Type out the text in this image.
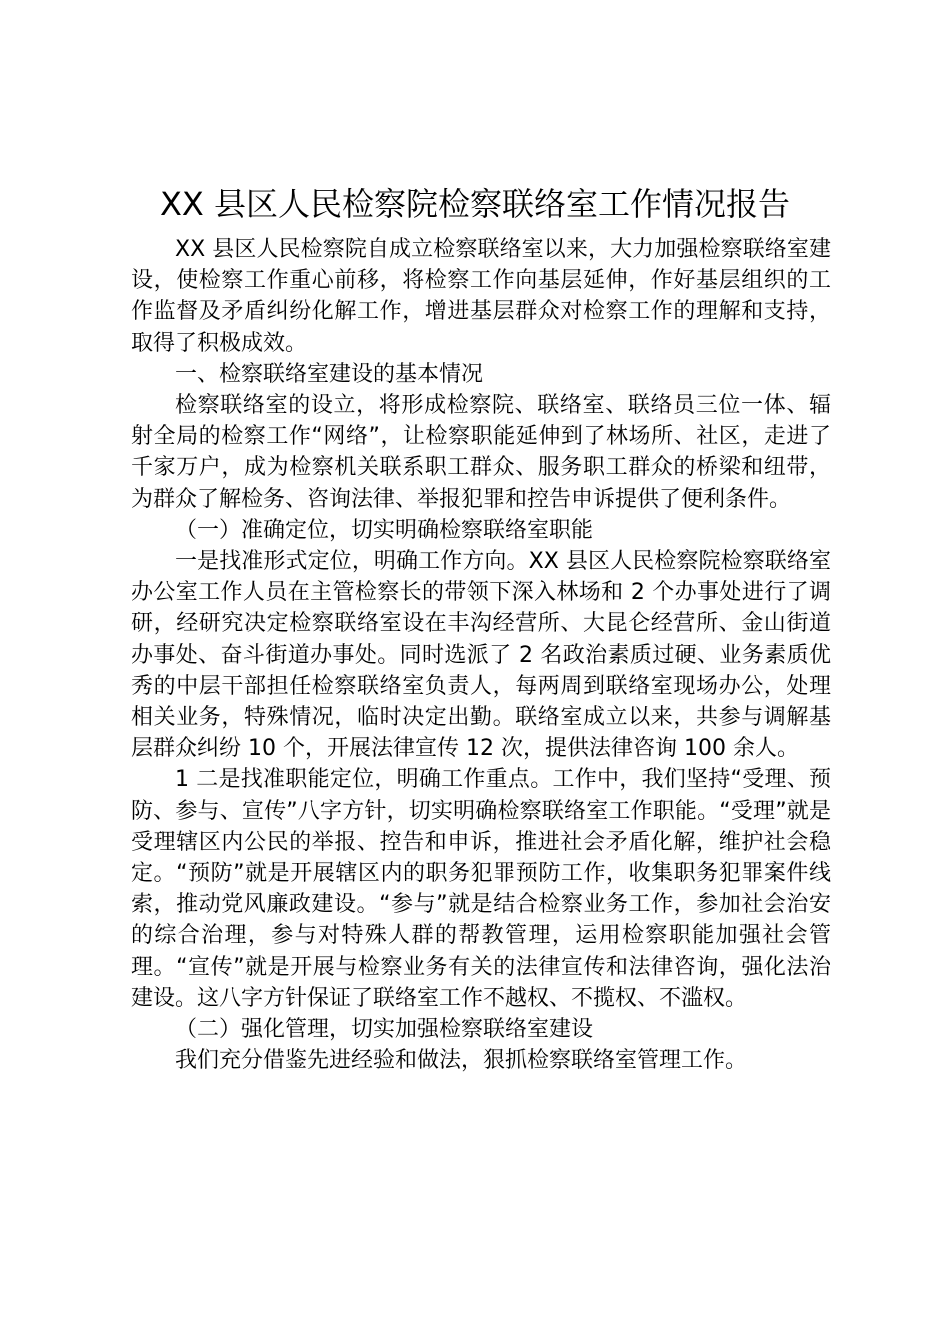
XX 县区人民检察院检察联络室工作情况报告

XX 县区人民检察院自成立检察联络室以来，大力加强检察联络室建设，使检察工作重心前移，将检察工作向基层延伸，作好基层组织的工作监督及矛盾纠纷化解工作，增进基层群众对检察工作的理解和支持，取得了积极成效。

一、检察联络室建设的基本情况

检察联络室的设立，将形成检察院、联络室、联络员三位一体、辐射全局的检察工作“网络”，让检察职能延伸到了林场所、社区，走进了千家万户，成为检察机关联系职工群众、服务职工群众的桥梁和纽带，为群众了解检务、咨询法律、举报犯罪和控告申诉提供了便利条件。

（一）准确定位，切实明确检察联络室职能

一是找准形式定位，明确工作方向。XX 县区人民检察院检察联络室办公室工作人员在主管检察长的带领下深入林场和 2 个办事处进行了调研，经研究决定检察联络室设在丰沟经营所、大昆仑经营所、金山街道办事处、奋斗街道办事处。同时选派了 2 名政治素质过硬、业务素质优秀的中层干部担任检察联络室负责人，每两周到联络室现场办公，处理相关业务，特殊情况，临时决定出勤。联络室成立以来，共参与调解基层群众纠纷 10 个，开展法律宣传 12 次，提供法律咨询 100 余人。

1 二是找准职能定位，明确工作重点。工作中，我们坚持“受理、预防、参与、宣传”八字方针，切实明确检察联络室工作职能。“受理”就是受理辖区内公民的举报、控告和申诉，推进社会矛盾化解，维护社会稳定。“预防”就是开展辖区内的职务犯罪预防工作，收集职务犯罪案件线索，推动党风廉政建设。“参与”就是结合检察业务工作，参加社会治安的综合治理，参与对特殊人群的帮教管理，运用检察职能加强社会管理。“宣传”就是开展与检察业务有关的法律宣传和法律咨询，强化法治建设。这八字方针保证了联络室工作不越权、不揽权、不滥权。

（二）强化管理，切实加强检察联络室建设

我们充分借鉴先进经验和做法，狠抓检察联络室管理工作。
